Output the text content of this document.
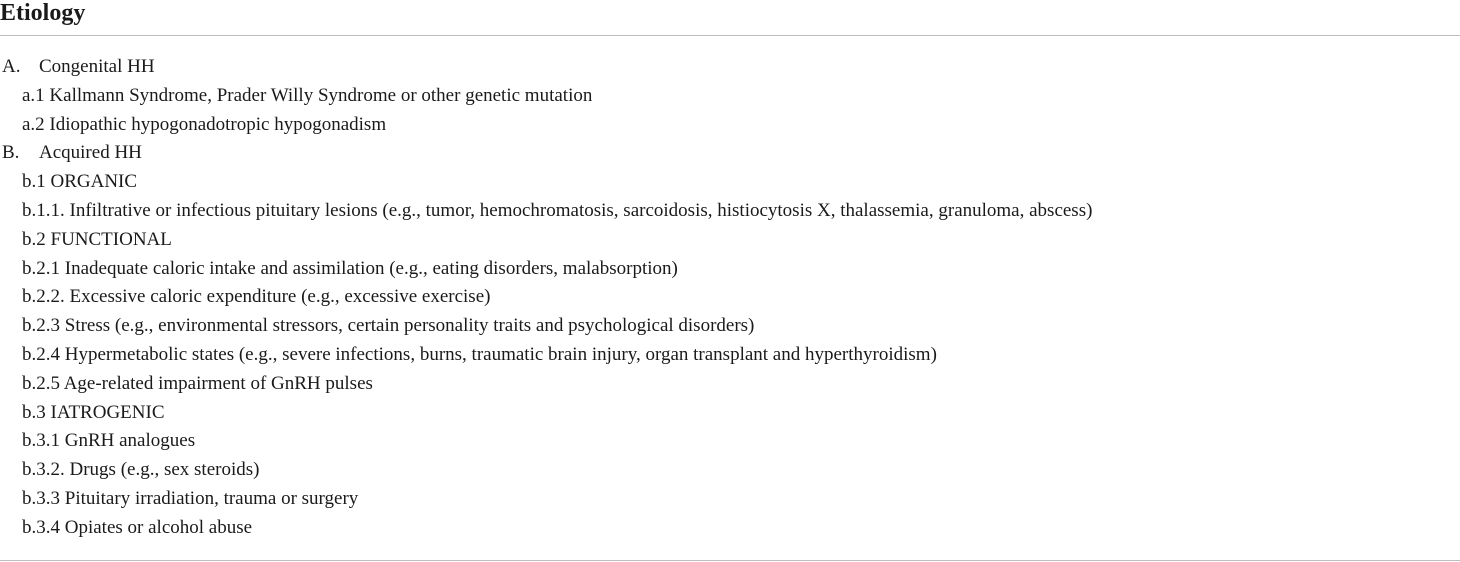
Etiology
A. Congenital HH
a.1 Kallmann Syndrome, Prader Willy Syndrome or other genetic mutation
a.2 Idiopathic hypogonadotropic hypogonadism
B. Acquired HH
b.1 ORGANIC
b.1.1. Infiltrative or infectious pituitary lesions (e.g., tumor, hemochromatosis, sarcoidosis, histiocytosis X, thalassemia, granuloma, abscess)
b.2 FUNCTIONAL
b.2.1 Inadequate caloric intake and assimilation (e.g., eating disorders, malabsorption)
b.2.2. Excessive caloric expenditure (e.g., excessive exercise)
b.2.3 Stress (e.g., environmental stressors, certain personality traits and psychological disorders)
b.2.4 Hypermetabolic states (e.g., severe infections, burns, traumatic brain injury, organ transplant and hyperthyroidism)
b.2.5 Age-related impairment of GnRH pulses
b.3 IATROGENIC
b.3.1 GnRH analogues
b.3.2. Drugs (e.g., sex steroids)
b.3.3 Pituitary irradiation, trauma or surgery
b.3.4 Opiates or alcohol abuse
